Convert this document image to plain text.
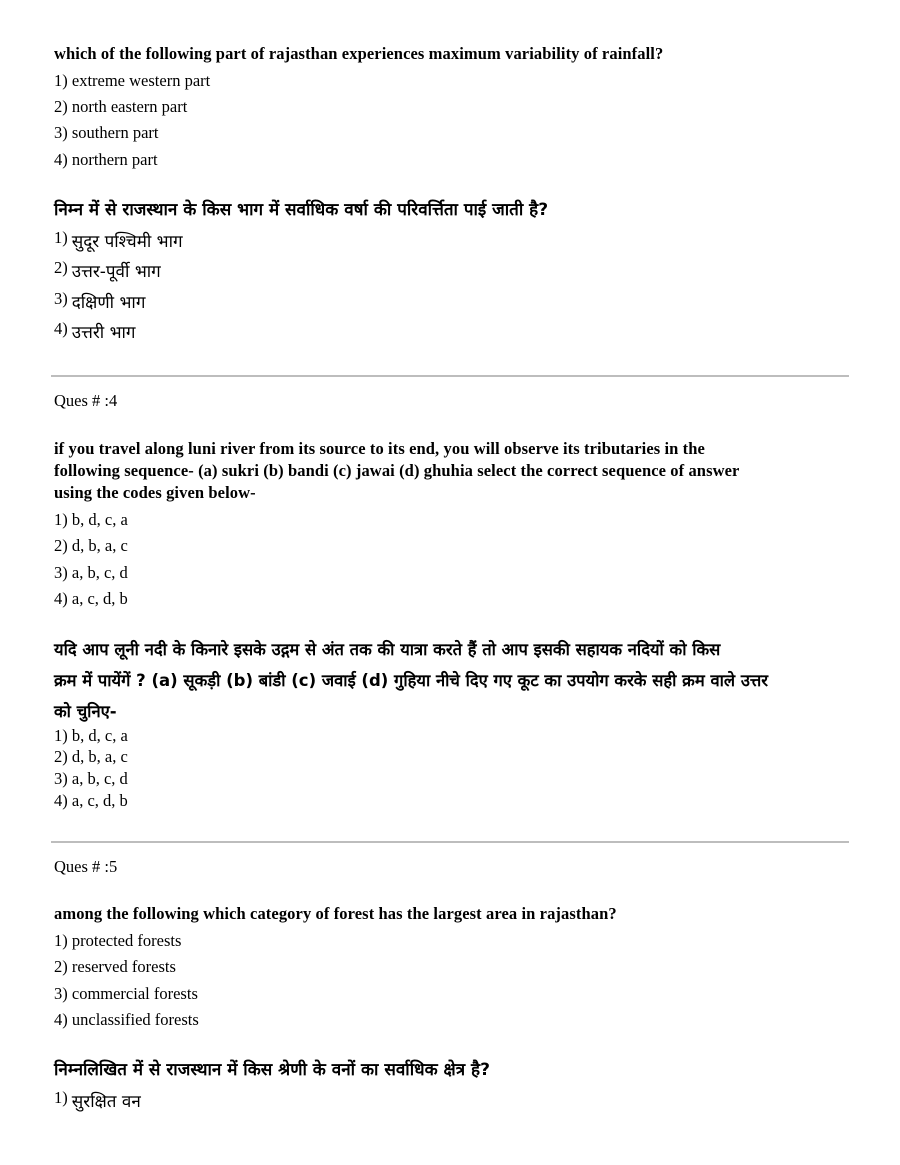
which of the following part of rajasthan experiences maximum variability of rainfall?
1) extreme western part
2) north eastern part
3) southern part
4) northern part
निम्न में से राजस्थान के किस भाग में सर्वाधिक वर्षा की परिवर्त्तिता पाई जाती है?
1) सुदूर पश्चिमी भाग
2) उत्तर-पूर्वी भाग
3) दक्षिणी भाग
4) उत्तरी भाग
Ques # :4
if you travel along luni river from its source to its end, you will observe its tributaries in the
following sequence- (a) sukri (b) bandi (c) jawai (d) ghuhia select the correct sequence of answer
using the codes given below-
1) b, d, c, a
2) d, b, a, c
3) a, b, c, d
4) a, c, d, b
यदि आप लूनी नदी के किनारे इसके उद्गम से अंत तक की यात्रा करते हैं तो आप इसकी सहायक नदियों को किस
क्रम में पायेंगें ? (a) सूकड़ी (b) बांडी (c) जवाई (d) गुहिया नीचे दिए गए कूट का उपयोग करके सही क्रम वाले उत्तर
को चुनिए-
1) b, d, c, a
2) d, b, a, c
3) a, b, c, d
4) a, c, d, b
Ques # :5
among the following which category of forest has the largest area in rajasthan?
1) protected forests
2) reserved forests
3) commercial forests
4) unclassified forests
निम्नलिखित में से राजस्थान में किस श्रेणी के वनों का सर्वाधिक क्षेत्र है?
1) सुरक्षित वन
